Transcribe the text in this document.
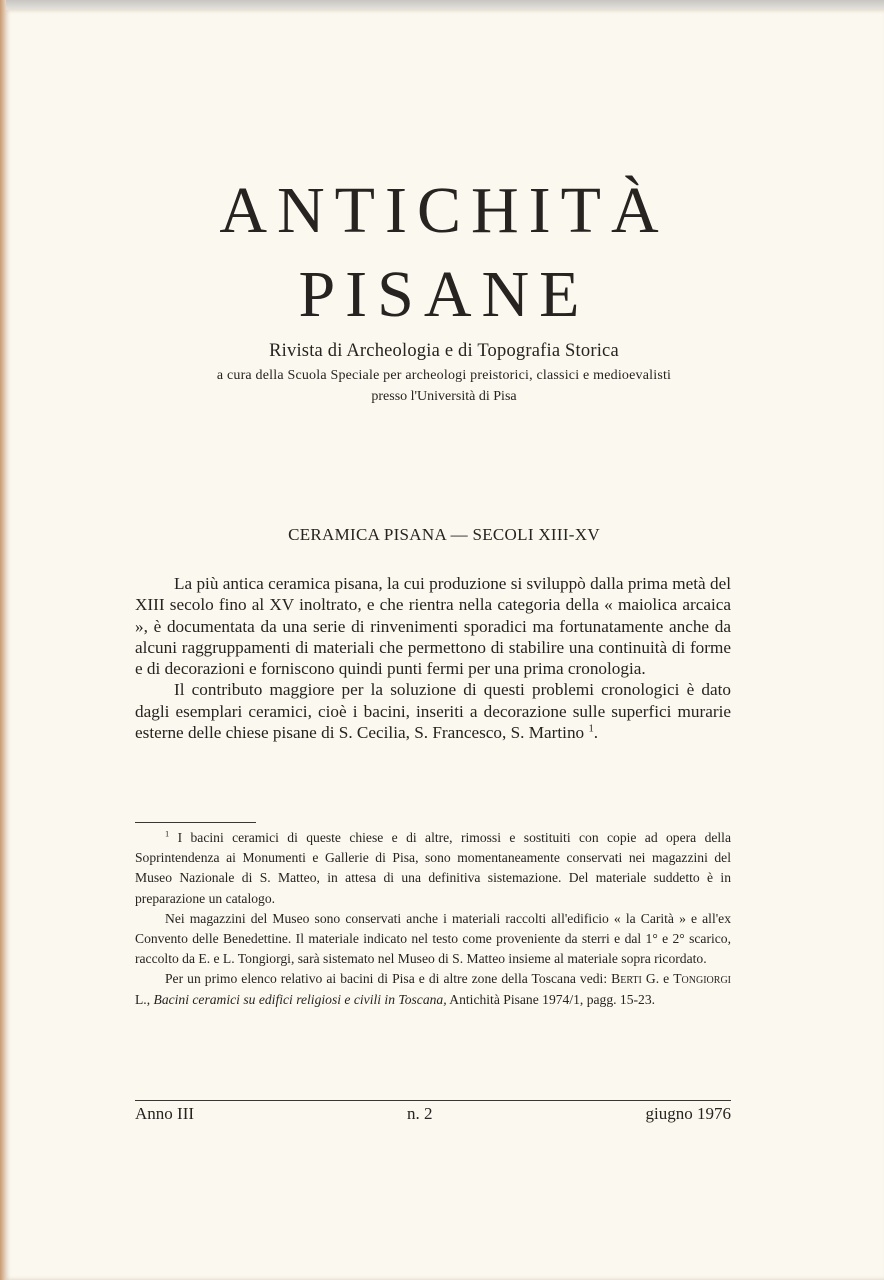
ANTICHITÀ
PISANE
Rivista di Archeologia e di Topografia Storica
a cura della Scuola Speciale per archeologi preistorici, classici e medioevalisti
presso l'Università di Pisa
CERAMICA PISANA — SECOLI XIII-XV

La più antica ceramica pisana, la cui produzione si sviluppò dalla prima metà del XIII secolo fino al XV inoltrato, e che rientra nella categoria della « maiolica arcaica », è documentata da una serie di rinvenimenti sporadici ma fortunatamente anche da alcuni raggruppamenti di materiali che permettono di stabilire una continuità di forme e di decorazioni e forniscono quindi punti fermi per una prima cronologia.

Il contributo maggiore per la soluzione di questi problemi cronologici è dato dagli esemplari ceramici, cioè i bacini, inseriti a decorazione sulle superfici murarie esterne delle chiese pisane di S. Cecilia, S. Francesco, S. Martino $^1$.

$^1$ I bacini ceramici di queste chiese e di altre, rimossi e sostituiti con copie ad opera della Soprintendenza ai Monumenti e Gallerie di Pisa, sono momentaneamente conservati nei magazzini del Museo Nazionale di S. Matteo, in attesa di una definitiva sistemazione. Del materiale suddetto è in preparazione un catalogo.

Nei magazzini del Museo sono conservati anche i materiali raccolti all'edificio « la Carità » e all'ex Convento delle Benedettine. Il materiale indicato nel testo come proveniente da sterri e dal 1° e 2° scarico, raccolto da E. e L. Tongiorgi, sarà sistemato nel Museo di S. Matteo insieme al materiale sopra ricordato.

Per un primo elenco relativo ai bacini di Pisa e di altre zone della Toscana vedi: Berti G. e Tongiorgi L., Bacini ceramici su edifici religiosi e civili in Toscana, Antichità Pisane 1974/1, pagg. 15-23.

Anno III	n. 2	giugno 1976
